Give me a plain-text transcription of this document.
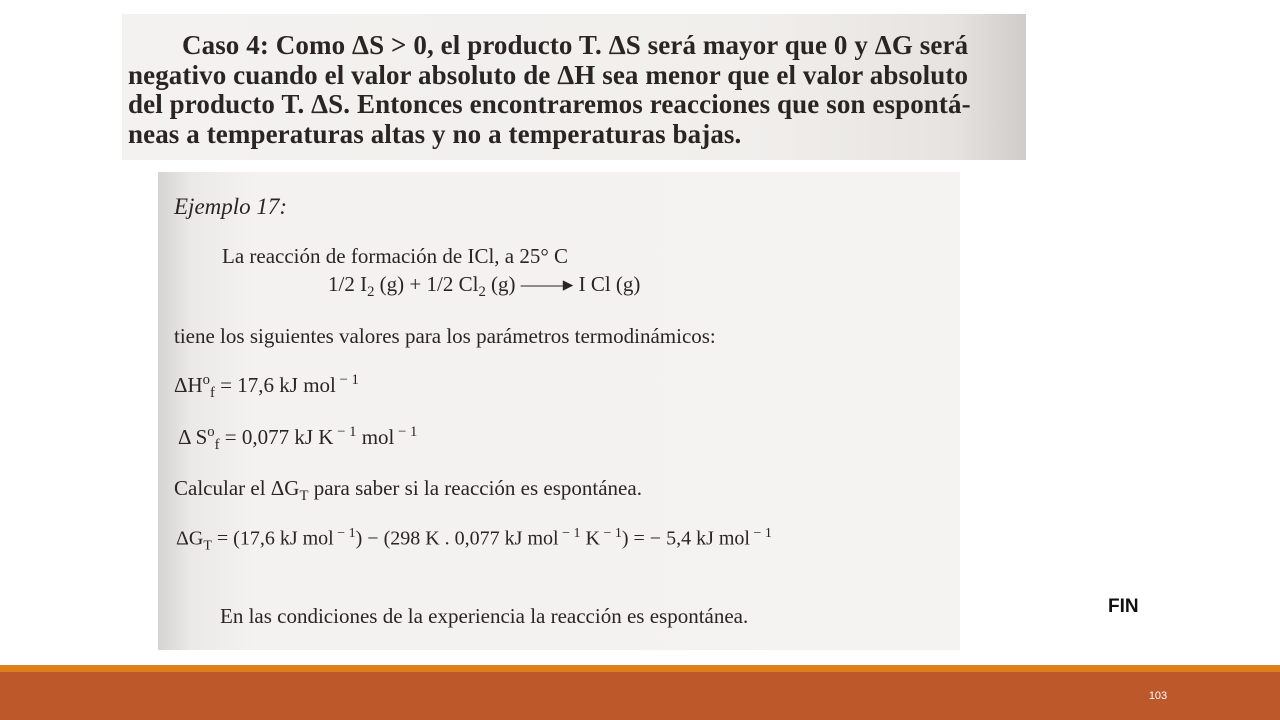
Caso 4: Como ΔS > 0, el producto T. ΔS será mayor que 0 y ΔG será
negativo cuando el valor absoluto de ΔH sea menor que el valor absoluto
del producto T. ΔS. Entonces encontraremos reacciones que son espontá-
neas a temperaturas altas y no a temperaturas bajas.
Ejemplo 17:
La reacción de formación de ICl, a 25° C
1/2 $I_2$ (g) + 1/2 $Cl_2$ (g) ——▸ I Cl (g)
tiene los siguientes valores para los parámetros termodinámicos:
$\Delta H^o_f = 17,6$ kJ mol $^{- 1}$
Δ $S^o_f = 0,077$ kJ K $^{- 1}$ mol $^{- 1}$
Calcular el $\Delta G_T$ para saber si la reacción es espontánea.
$\Delta G_T = (17,6$ kJ mol $^{- 1}$) − (298 K . 0,077 kJ mol $^{- 1}$ K $^{- 1}$) = − 5,4 kJ mol $^{- 1}$
En las condiciones de la experiencia la reacción es espontánea.	FIN
103
